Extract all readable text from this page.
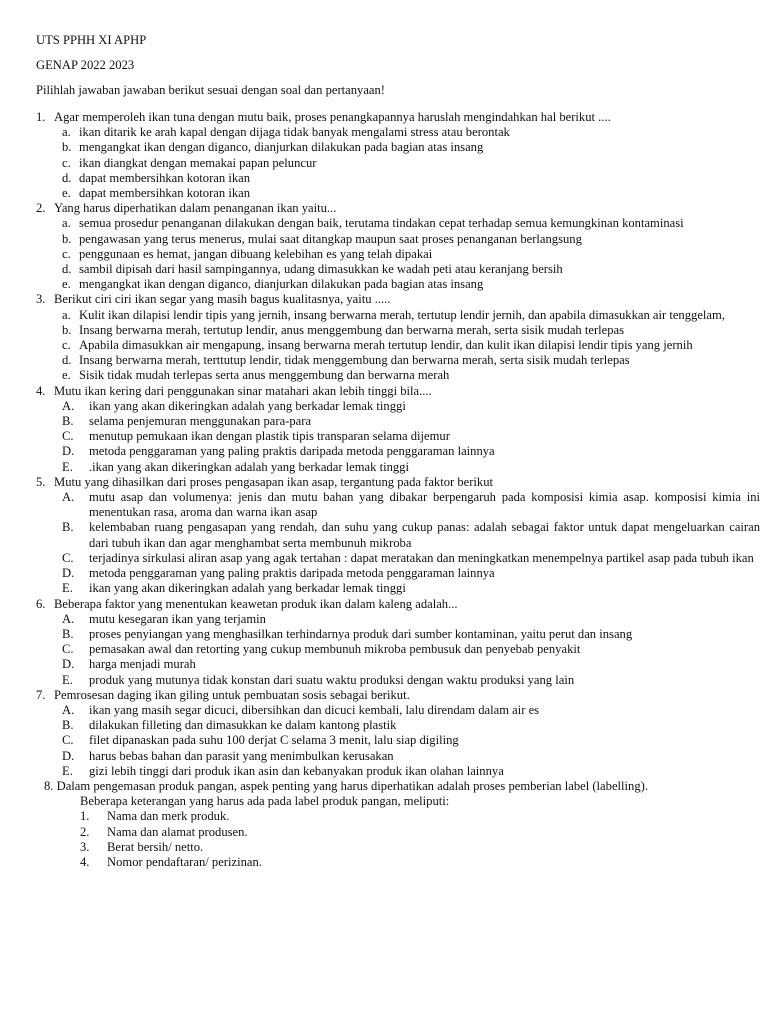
UTS PPHH XI APHP
GENAP 2022 2023
Pilihlah jawaban jawaban berikut sesuai dengan soal dan pertanyaan!
1. Agar memperoleh ikan tuna dengan mutu baik, proses penangkapannya haruslah mengindahkan hal berikut ....
a. ikan ditarik ke arah kapal dengan dijaga tidak banyak mengalami stress atau berontak
b. mengangkat ikan dengan diganco, dianjurkan dilakukan pada bagian atas insang
c. ikan diangkat dengan memakai papan peluncur
d. dapat membersihkan kotoran ikan
e. dapat membersihkan kotoran ikan
2. Yang harus diperhatikan dalam penanganan ikan yaitu...
a. semua prosedur penanganan dilakukan dengan baik, terutama tindakan cepat terhadap semua kemungkinan kontaminasi
b. pengawasan yang terus menerus, mulai saat ditangkap maupun saat proses penanganan berlangsung
c. penggunaan es hemat, jangan dibuang kelebihan es yang telah dipakai
d. sambil dipisah dari hasil sampingannya, udang dimasukkan ke wadah peti atau keranjang bersih
e. mengangkat ikan dengan diganco, dianjurkan dilakukan pada bagian atas insang
3. Berikut ciri ciri ikan segar yang masih bagus kualitasnya, yaitu .....
a. Kulit ikan dilapisi lendir tipis yang jernih, insang berwarna merah, tertutup lendir jernih, dan apabila dimasukkan air tenggelam,
b. Insang berwarna merah, tertutup lendir, anus menggembung dan berwarna merah, serta sisik mudah terlepas
c. Apabila dimasukkan air mengapung, insang berwarna merah tertutup lendir, dan kulit ikan dilapisi lendir tipis yang jernih
d. Insang berwarna merah, terttutup lendir, tidak menggembung dan berwarna merah, serta sisik mudah terlepas
e. Sisik tidak mudah terlepas serta anus menggembung dan berwarna merah
4. Mutu ikan kering dari penggunakan sinar matahari akan lebih tinggi bila....
A.	ikan yang akan dikeringkan adalah yang berkadar lemak tinggi
B.	selama penjemuran menggunakan para-para
C.	menutup pemukaan ikan dengan plastik tipis transparan selama dijemur
D.	metoda penggaraman yang paling praktis daripada metoda penggaraman lainnya
E.	.ikan yang akan dikeringkan adalah yang berkadar lemak tinggi
5. Mutu yang dihasilkan dari proses pengasapan ikan asap, tergantung pada faktor berikut
A.	mutu asap dan volumenya: jenis dan mutu bahan yang dibakar berpengaruh pada komposisi kimia asap. komposisi kimia ini menentukan rasa, aroma dan warna ikan asap
B.	kelembaban ruang pengasapan yang rendah, dan suhu yang cukup panas: adalah sebagai faktor untuk dapat mengeluarkan cairan dari tubuh ikan dan agar menghambat serta membunuh mikroba
C.	terjadinya sirkulasi aliran asap yang agak tertahan : dapat meratakan dan meningkatkan menempelnya partikel asap pada tubuh ikan
D.	metoda penggaraman yang paling praktis daripada metoda penggaraman lainnya
E.	ikan yang akan dikeringkan adalah yang berkadar lemak tinggi
6. Beberapa faktor yang menentukan keawetan produk ikan dalam kaleng adalah...
A.	mutu kesegaran ikan yang terjamin
B.	proses penyiangan yang menghasilkan terhindarnya produk dari sumber kontaminan, yaitu perut dan insang
C.	pemasakan awal dan retorting yang cukup membunuh mikroba pembusuk dan penyebab penyakit
D.	harga menjadi murah
E.	produk yang mutunya tidak konstan dari suatu waktu produksi dengan waktu produksi yang lain
7. Pemrosesan daging ikan giling untuk pembuatan sosis sebagai berikut.
A.	ikan yang masih segar dicuci, dibersihkan dan dicuci kembali, lalu direndam dalam air es
B.	dilakukan filleting dan dimasukkan ke dalam kantong plastik
C.	filet dipanaskan pada suhu 100 derjat C selama 3 menit, lalu siap digiling
D.	harus bebas bahan dan parasit yang menimbulkan kerusakan
E.	gizi lebih tinggi dari produk ikan asin dan kebanyakan produk ikan olahan lainnya
8. Dalam pengemasan produk pangan, aspek penting yang harus diperhatikan adalah proses pemberian label (labelling).
Beberapa keterangan yang harus ada pada label produk pangan, meliputi:
1.	Nama dan merk produk.
2.	Nama dan alamat produsen.
3.	Berat bersih/ netto.
4.	Nomor pendaftaran/ perizinan.
